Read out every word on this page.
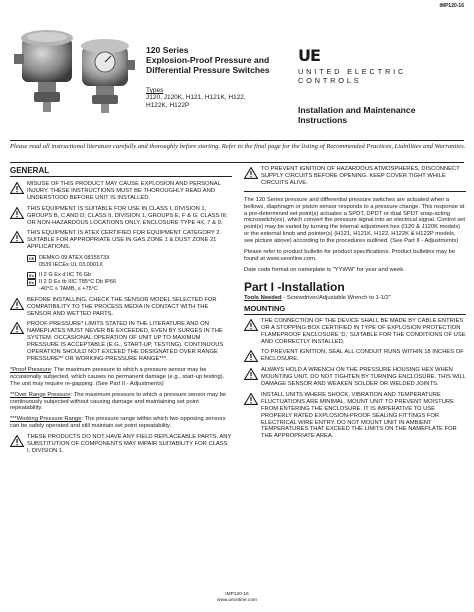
IMP120-16
120 Series
Explosion-Proof Pressure and
Differential Pressure Switches
Types
J120, J120K, H121, H121K, H122,
H122K, H122P
UE
UNITED ELECTRIC
CONTROLS
Installation and Maintenance
Instructions
Please read all instructional literature carefully and thoroughly before starting. Refer to the final page for the listing of Recommended Practices, Liabilities and Warranties.
GENERAL
MISUSE OF THIS PRODUCT MAY CAUSE EXPLOSION AND PERSONAL INJURY. THESE INSTRUCTIONS MUST BE THOROUGHLY READ AND UNDERSTOOD BEFORE UNIT IS INSTALLED.
THIS EQUIPMENT IS SUITABLE FOR USE IN CLASS I, DIVISION 1, GROUPS B, C AND D; CLASS II, DIVISION 1, GROUPS E, F & G; CLASS III; OR NON-HAZARDOUS LOCATIONS ONLY. ENCLOSURE TYPE 4X, 7 & 9.
THIS EQUIPMENT IS ATEX CERTIFIED FOR EQUIPMENT CATEGORY 2. SUITABLE FOR APPROPRIATE USE IN GAS ZONE 1 & DUST ZONE 21 APPLICATIONS.
CE DEMKO 09 ATEX 0815573X
0539 IECEx UL 03.0001X
Ex II 2 G Ex d IIC T6 Gb
Ex II 2 D Ex tb IIIC T85°C Db IP66
-40°C ≤ TAMB, ≤ +75°C
BEFORE INSTALLING, CHECK THE SENSOR MODEL SELECTED FOR COMPATIBILITY TO THE PROCESS MEDIA IN CONTACT WITH THE SENSOR AND WETTED PARTS.
PROOF PRESSURE* LIMITS STATED IN THE LITERATURE AND ON NAMEPLATES MUST NEVER BE EXCEEDED, EVEN BY SURGES IN THE SYSTEM. OCCASIONAL OPERATION OF UNIT UP TO MAXIMUM PRESSURE IS ACCEPTABLE (E.G., START-UP, TESTING). CONTINUOUS OPERATION SHOULD NOT EXCEED THE DESIGNATED OVER RANGE PRESSURE** OR WORKING PRESSURE RANGE***.
*Proof Pressure: The maximum pressure to which a pressure sensor may be occasionally subjected, which causes no permanent damage (e.g., start-up testing). The unit may require re-gapping. (See Part II - Adjustments)
**Over Range Pressure: The maximum pressure to which a pressure sensor may be continuously subjected without causing damage and maintaining set point repeatability.
***Working Pressure Range: The pressure range within which two opposing sensors can be safely operated and still maintain set point repeatability.
THESE PRODUCTS DO NOT HAVE ANY FIELD REPLACEABLE PARTS. ANY SUBSTITUTION OF COMPONENTS MAY IMPAIR SUITABILITY FOR CLASS I, DIVISION 1.
TO PREVENT IGNITION OF HAZARDOUS ATMOSPHERES, DISCONNECT SUPPLY CIRCUITS BEFORE OPENING. KEEP COVER TIGHT WHILE CIRCUITS ALIVE.
The 120 Series pressure and differential pressure switches are actuated when a bellows, diaphragm or piston sensor responds to a pressure change. This response at a pre-determined set point(s) actuates a SPDT, DPDT or dual SPDT snap-acting microswitch(es), which convert the pressure signal into an electrical signal. Control set point(s) may be varied by turning the internal adjustment hex (I120 & J120K models) or the external knob and pointer(s) (H121, H121K, H122, H122K & H122P models, see picture above) according to the procedures outlined. (See Part II - Adjustments)
Please refer to product bulletin for product specifications. Product bulletins may be found at www.ueonline.com.
Date code format on nameplate is "YYWW" for year and week.
Part I -Installation
Tools Needed - Screwdriver/Adjustable Wrench to 1-1/2"
MOUNTING
THE CONNECTION OF THE DEVICE SHALL BE MADE BY CABLE ENTRIES OR A STOPPING BOX CERTIFIED IN TYPE OF EXPLOSION PROTECTION FLAMEPROOF ENCLOSURE 'D,' SUITABLE FOR THE CONDITIONS OF USE AND CORRECTLY INSTALLED.
TO PREVENT IGNITION, SEAL ALL CONDUIT RUNS WITHIN 18 INCHES OF ENCLOSURE.
ALWAYS HOLD A WRENCH ON THE PRESSURE HOUSING HEX WHEN MOUNTING UNIT. DO NOT TIGHTEN BY TURNING ENCLOSURE. THIS WILL DAMAGE SENSOR AND WEAKEN SOLDER OR WELDED JOINTS.
INSTALL UNITS WHERE SHOCK, VIBRATION AND TEMPERATURE FLUCTUATIONS ARE MINIMAL. MOUNT UNIT TO PREVENT MOISTURE FROM ENTERING THE ENCLOSURE. IT IS IMPERATIVE TO USE PROPERLY RATED EXPLOSION-PROOF SEALING FITTINGS FOR ELECTRICAL WIRE ENTRY. DO NOT MOUNT UNIT IN AMBIENT TEMPERATURES THAT EXCEED THE LIMITS ON THE NAMEPLATE FOR THE APPROPRIATE AREA.
IMP120-16
www.ueonline.com
